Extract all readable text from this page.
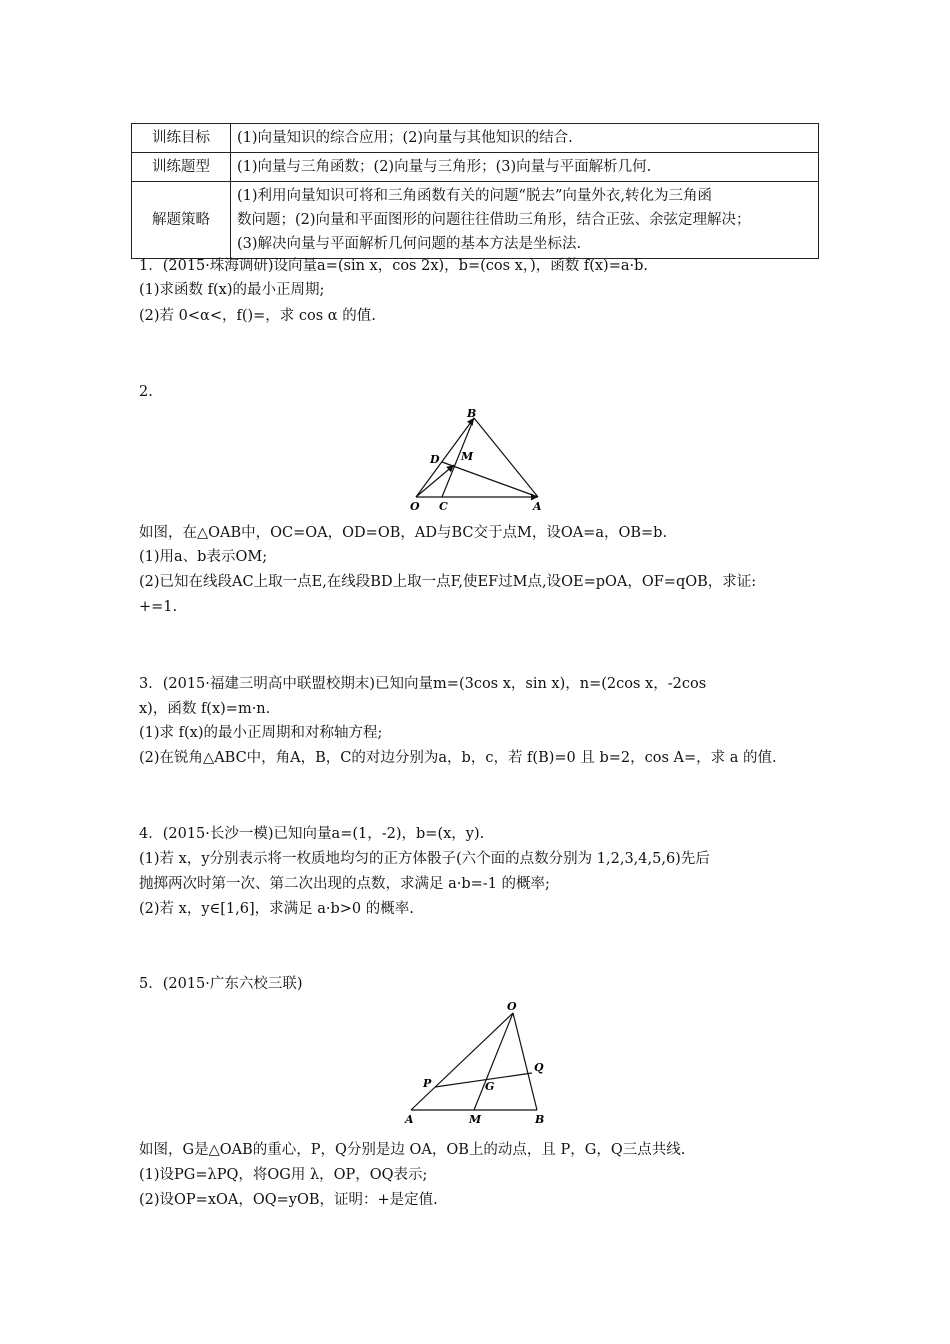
训练目标	(1)向量知识的综合应用；(2)向量与其他知识的结合.
训练题型	(1)向量与三角函数；(2)向量与三角形；(3)向量与平面解析几何.
解题策略	(1)利用向量知识可将和三角函数有关的问题“脱去”向量外衣,转化为三角函
数问题；(2)向量和平面图形的问题往往借助三角形，结合正弦、余弦定理解决；
(3)解决向量与平面解析几何问题的基本方法是坐标法.
1．(2015·珠海调研)设向量a=(sin x，cos 2x)，b=(cos x，)，函数 f(x)=a·b.
(1)求函数 f(x)的最小正周期;
(2)若 0<α<，f()=，求 cos α 的值.
2.
B
D M
O C	A
如图，在△OAB中，OC=OA，OD=OB，AD与BC交于点M，设OA=a，OB=b.
(1)用a、b表示OM;
(2)已知在线段AC上取一点E,在线段BD上取一点F,使EF过M点,设OE=pOA，OF=qOB，求证:
+=1.
3．(2015·福建三明高中联盟校期末)已知向量m=(3cos x，sin x)，n=(2cos x，-2cos
x)，函数 f(x)=m·n.
(1)求 f(x)的最小正周期和对称轴方程;
(2)在锐角△ABC中，角A，B，C的对边分别为a，b，c，若 f(B)=0 且 b=2，cos A=，求 a 的值.
4．(2015·长沙一模)已知向量a=(1，-2)，b=(x，y).
(1)若 x，y分别表示将一枚质地均匀的正方体骰子(六个面的点数分别为 1,2,3,4,5,6)先后
抛掷两次时第一次、第二次出现的点数，求满足 a·b=-1 的概率;
(2)若 x，y∈[1,6]，求满足 a·b>0 的概率.
5．(2015·广东六校三联)
O
Q
P	G
A	M	B
如图，G是△OAB的重心，P，Q分别是边 OA，OB上的动点，且 P，G，Q三点共线.
(1)设PG=λPQ，将OG用 λ，OP，OQ表示;
(2)设OP=xOA，OQ=yOB，证明：+是定值.
